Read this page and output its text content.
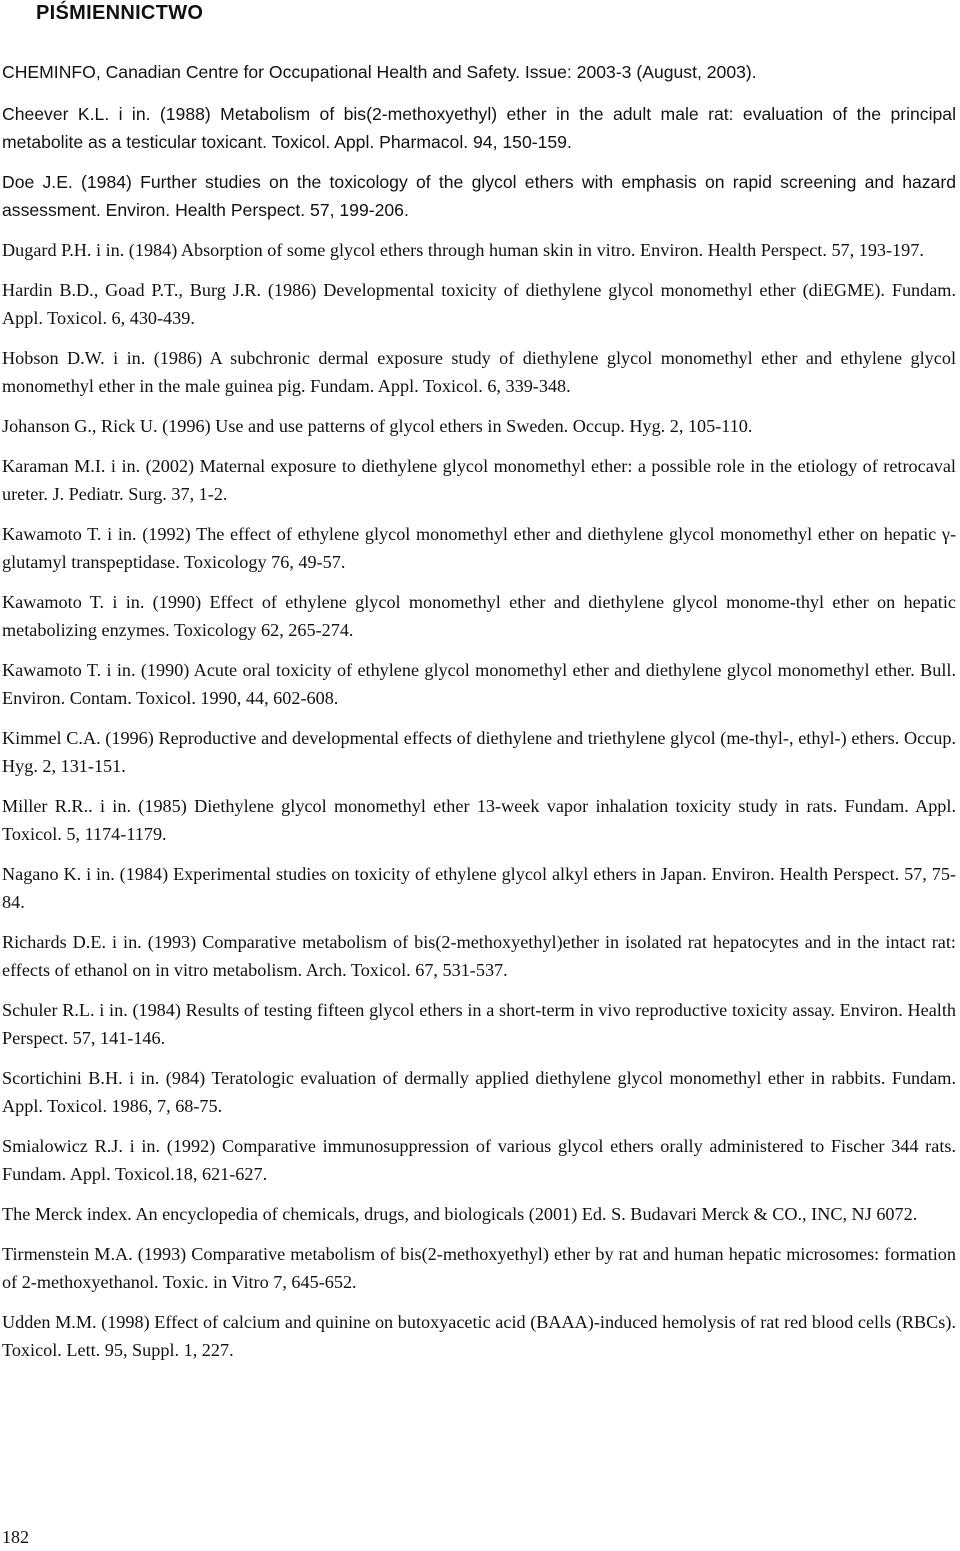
PIŚMIENNICTWO
CHEMINFO, Canadian Centre for Occupational Health and Safety. Issue: 2003-3 (August, 2003).
Cheever K.L. i in. (1988) Metabolism of bis(2-methoxyethyl) ether in the adult male rat: evaluation of the principal metabolite as a testicular toxicant. Toxicol. Appl. Pharmacol. 94, 150-159.
Doe J.E. (1984) Further studies on the toxicology of the glycol ethers with emphasis on rapid screening and hazard assessment. Environ. Health Perspect. 57, 199-206.
Dugard P.H. i in. (1984) Absorption of some glycol ethers through human skin in vitro. Environ. Health Perspect. 57, 193-197.
Hardin B.D., Goad P.T., Burg J.R. (1986) Developmental toxicity of diethylene glycol monomethyl ether (diEGME). Fundam. Appl. Toxicol. 6, 430-439.
Hobson D.W. i in. (1986) A subchronic dermal exposure study of diethylene glycol monomethyl ether and ethylene glycol monomethyl ether in the male guinea pig. Fundam. Appl. Toxicol. 6, 339-348.
Johanson G., Rick U. (1996) Use and use patterns of glycol ethers in Sweden. Occup. Hyg. 2, 105-110.
Karaman M.I. i in. (2002) Maternal exposure to diethylene glycol monomethyl ether: a possible role in the etiology of retrocaval ureter. J. Pediatr. Surg. 37, 1-2.
Kawamoto T. i in. (1992) The effect of ethylene glycol monomethyl ether and diethylene glycol monomethyl ether on hepatic γ-glutamyl transpeptidase. Toxicology 76, 49-57.
Kawamoto T. i in. (1990) Effect of ethylene glycol monomethyl ether and diethylene glycol monome-thyl ether on hepatic metabolizing enzymes. Toxicology 62, 265-274.
Kawamoto T. i in. (1990) Acute oral toxicity of ethylene glycol monomethyl ether and diethylene glycol monomethyl ether. Bull. Environ. Contam. Toxicol. 1990, 44, 602-608.
Kimmel C.A. (1996) Reproductive and developmental effects of diethylene and triethylene glycol (me-thyl-, ethyl-) ethers. Occup. Hyg. 2, 131-151.
Miller R.R.. i in. (1985) Diethylene glycol monomethyl ether 13-week vapor inhalation toxicity study in rats. Fundam. Appl. Toxicol. 5, 1174-1179.
Nagano K. i in. (1984) Experimental studies on toxicity of ethylene glycol alkyl ethers in Japan. Environ. Health Perspect. 57, 75-84.
Richards D.E. i in. (1993) Comparative metabolism of bis(2-methoxyethyl)ether in isolated rat hepatocytes and in the intact rat: effects of ethanol on in vitro metabolism. Arch. Toxicol. 67, 531-537.
Schuler R.L. i in. (1984) Results of testing fifteen glycol ethers in a short-term in vivo reproductive toxicity assay. Environ. Health Perspect. 57, 141-146.
Scortichini B.H. i in. (984) Teratologic evaluation of dermally applied diethylene glycol monomethyl ether in rabbits. Fundam. Appl. Toxicol. 1986, 7, 68-75.
Smialowicz R.J. i in. (1992) Comparative immunosuppression of various glycol ethers orally administered to Fischer 344 rats. Fundam. Appl. Toxicol.18, 621-627.
The Merck index. An encyclopedia of chemicals, drugs, and biologicals (2001) Ed. S. Budavari Merck & CO., INC, NJ 6072.
Tirmenstein M.A. (1993) Comparative metabolism of bis(2-methoxyethyl) ether by rat and human hepatic microsomes: formation of 2-methoxyethanol. Toxic. in Vitro 7, 645-652.
Udden M.M. (1998) Effect of calcium and quinine on butoxyacetic acid (BAAA)-induced hemolysis of rat red blood cells (RBCs). Toxicol. Lett. 95, Suppl. 1, 227.

182
